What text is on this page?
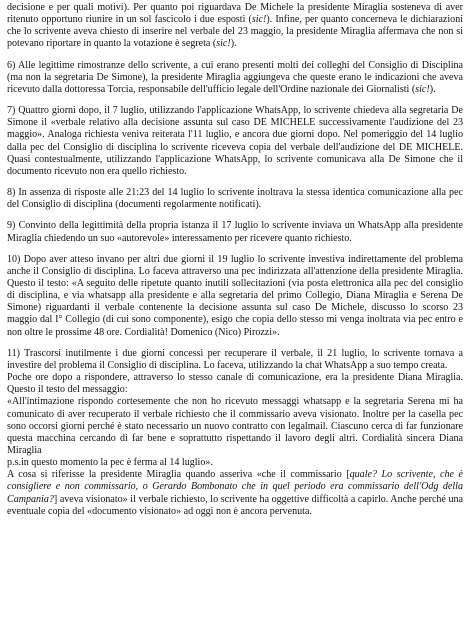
decisione e per quali motivi). Per quanto poi riguardava De Michele la presidente Miraglia sosteneva di aver ritenuto opportuno riunire in un sol fascicolo i due esposti (sic!). Infine, per quanto concerneva le dichiarazioni che lo scrivente aveva chiesto di inserire nel verbale del 23 maggio, la presidente Miraglia affermava che non si potevano riportare in quanto la votazione è segreta (sic!).

6) Alle legittime rimostranze dello scrivente, a cui erano presenti molti dei colleghi del Consiglio di Disciplina (ma non la segretaria De Simone), la presidente Miraglia aggiungeva che queste erano le indicazioni che aveva ricevuto dalla dottoressa Torcia, responsabile dell'ufficio legale dell'Ordine nazionale dei Giornalisti (sic!).

7) Quattro giorni dopo, il 7 luglio, utilizzando l'applicazione WhatsApp, lo scrivente chiedeva alla segretaria De Simone il «verbale relativo alla decisione assunta sul caso DE MICHELE successivamente l'audizione del 23 maggio». Analoga richiesta veniva reiterata l'11 luglio, e ancora due giorni dopo. Nel pomeriggio del 14 luglio dalla pec del Consiglio di disciplina lo scrivente riceveva copia del verbale dell'audizione del DE MICHELE. Quasi contestualmente, utilizzando l'applicazione WhatsApp, lo scrivente comunicava alla De Simone che il documento ricevuto non era quello richiesto.

8) In assenza di risposte alle 21:23 del 14 luglio lo scrivente inoltrava la stessa identica comunicazione alla pec del Consiglio di disciplina (documenti regolarmente notificati).

9) Convinto della legittimità della propria istanza il 17 luglio lo scrivente inviava un WhatsApp alla presidente Miraglia chiedendo un suo «autorevole» interessamento per ricevere quanto richiesto.

10) Dopo aver atteso invano per altri due giorni il 19 luglio lo scrivente investiva indirettamente del problema anche il Consiglio di disciplina. Lo faceva attraverso una pec indirizzata all'attenzione della presidente Miraglia. Questo il testo: «A seguito delle ripetute quanto inutili sollecitazioni (via posta elettronica alla pec del consiglio di disciplina, e via whatsapp alla presidente e alla segretaria del primo Collegio, Diana Miraglia e Serena De Simone) riguardanti il verbale contenente la decisione assunta sul caso De Michele, discusso lo scorso 23 maggio dal I° Collegio (di cui sono componente), esigo che copia dello stesso mi venga inoltrata via pec entro e non oltre le prossime 48 ore. Cordialità! Domenico (Nico) Pirozzi».

11) Trascorsi inutilmente i due giorni concessi per recuperare il verbale, il 21 luglio, lo scrivente tornava a investire del problema il Consiglio di disciplina. Lo faceva, utilizzando la chat WhatsApp a suo tempo creata.

Poche ore dopo a rispondere, attraverso lo stesso canale di comunicazione, era la presidente Diana Miraglia. Questo il testo del messaggio:

«All'intimazione rispondo cortesemente che non ho ricevuto messaggi whatsapp e la segretaria Serena mi ha comunicato di aver recuperato il verbale richiesto che il commissario aveva visionato. Inoltre per la casella pec sono occorsi giorni perché è stato necessario un nuovo contratto con legalmail. Ciascuno cerca di far funzionare questa macchina cercando di far bene e soprattutto rispettando il lavoro degli altri. Cordialità sincera Diana Miraglia

p.s.in questo momento la pec è ferma al 14 luglio».

A cosa si riferisse la presidente Miraglia quando asseriva «che il commissario [quale? Lo scrivente, che è consigliere e non commissario, o Gerardo Bombonato che in quel periodo era commissario dell'Odg della Campania?] aveva visionato» il verbale richiesto, lo scrivente ha oggettive difficoltà a capirlo. Anche perché una eventuale copia del «documento visionato» ad oggi non è ancora pervenuta.
